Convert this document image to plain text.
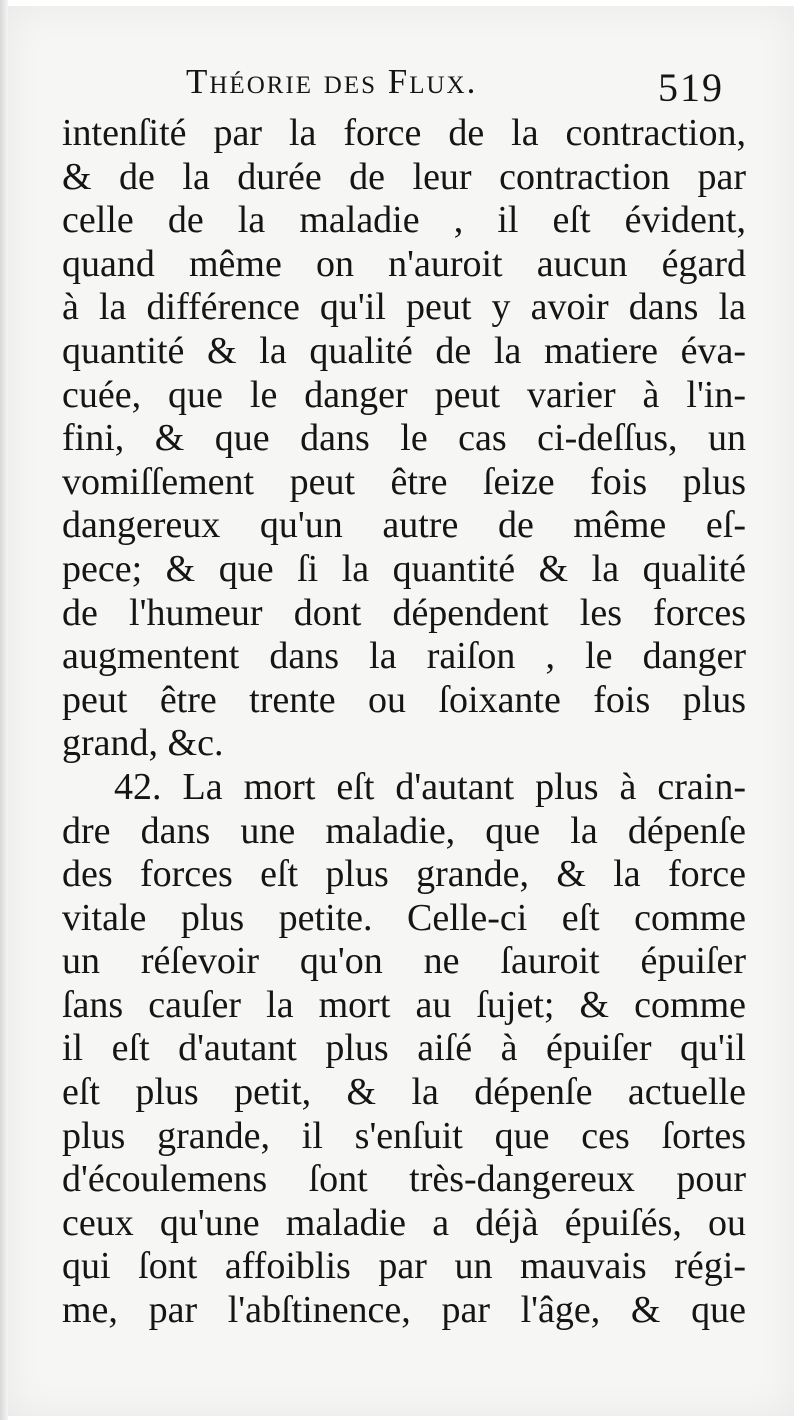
Théorie des Flux.	519
intenſité par la force de la contraction,
& de la durée de leur contraction par
celle de la maladie , il eſt évident,
quand même on n'auroit aucun égard
à la différence qu'il peut y avoir dans la
quantité & la qualité de la matiere éva-
cuée, que le danger peut varier à l'in-
fini, & que dans le cas ci-deſſus, un
vomiſſement peut être ſeize fois plus
dangereux qu'un autre de même eſ-
pece; & que ſi la quantité & la qualité
de l'humeur dont dépendent les forces
augmentent dans la raiſon , le danger
peut être trente ou ſoixante fois plus
grand, &c.
42. La mort eſt d'autant plus à crain-
dre dans une maladie, que la dépenſe
des forces eſt plus grande, & la force
vitale plus petite. Celle-ci eſt comme
un réſevoir qu'on ne ſauroit épuiſer
ſans cauſer la mort au ſujet; & comme
il eſt d'autant plus aiſé à épuiſer qu'il
eſt plus petit, & la dépenſe actuelle
plus grande, il s'enſuit que ces ſortes
d'écoulemens ſont très-dangereux pour
ceux qu'une maladie a déjà épuiſés, ou
qui ſont affoiblis par un mauvais régi-
me, par l'abſtinence, par l'âge, & que
